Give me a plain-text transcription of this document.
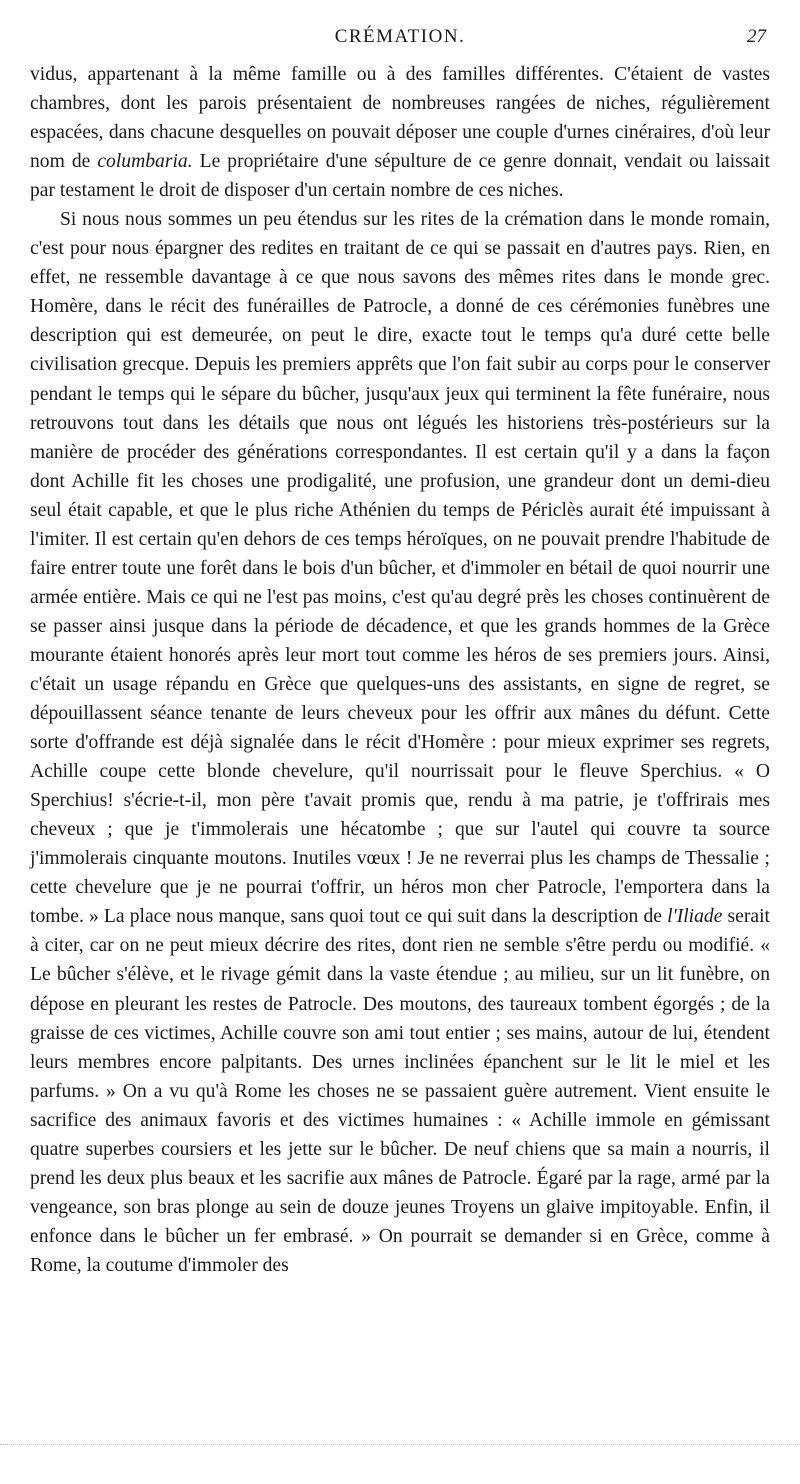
CRÉMATION.	27

vidus, appartenant à la même famille ou à des familles différentes. C'étaient de vastes chambres, dont les parois présentaient de nombreuses rangées de niches, régulièrement espacées, dans chacune desquelles on pouvait déposer une couple d'urnes cinéraires, d'où leur nom de columbaria. Le propriétaire d'une sépulture de ce genre donnait, vendait ou laissait par testament le droit de disposer d'un certain nombre de ces niches.

Si nous nous sommes un peu étendus sur les rites de la crémation dans le monde romain, c'est pour nous épargner des redites en traitant de ce qui se passait en d'autres pays. Rien, en effet, ne ressemble davantage à ce que nous savons des mêmes rites dans le monde grec. Homère, dans le récit des funérailles de Patrocle, a donné de ces cérémonies funèbres une description qui est demeurée, on peut le dire, exacte tout le temps qu'a duré cette belle civilisation grecque. Depuis les premiers apprêts que l'on fait subir au corps pour le conserver pendant le temps qui le sépare du bûcher, jusqu'aux jeux qui terminent la fête funéraire, nous retrouvons tout dans les détails que nous ont légués les historiens très-postérieurs sur la manière de procéder des générations correspondantes. Il est certain qu'il y a dans la façon dont Achille fit les choses une prodigalité, une profusion, une grandeur dont un demi-dieu seul était capable, et que le plus riche Athénien du temps de Périclès aurait été impuissant à l'imiter. Il est certain qu'en dehors de ces temps héroïques, on ne pouvait prendre l'habitude de faire entrer toute une forêt dans le bois d'un bûcher, et d'immoler en bétail de quoi nourrir une armée entière. Mais ce qui ne l'est pas moins, c'est qu'au degré près les choses continuèrent de se passer ainsi jusque dans la période de décadence, et que les grands hommes de la Grèce mourante étaient honorés après leur mort tout comme les héros de ses premiers jours. Ainsi, c'était un usage répandu en Grèce que quelques-uns des assistants, en signe de regret, se dépouillassent séance tenante de leurs cheveux pour les offrir aux mânes du défunt. Cette sorte d'offrande est déjà signalée dans le récit d'Homère : pour mieux exprimer ses regrets, Achille coupe cette blonde chevelure, qu'il nourrissait pour le fleuve Sperchius. « O Sperchius! s'écrie-t-il, mon père t'avait promis que, rendu à ma patrie, je t'offrirais mes cheveux ; que je t'immolerais une hécatombe ; que sur l'autel qui couvre ta source j'immolerais cinquante moutons. Inutiles vœux ! Je ne reverrai plus les champs de Thessalie ; cette chevelure que je ne pourrai t'offrir, un héros mon cher Patrocle, l'emportera dans la tombe. » La place nous manque, sans quoi tout ce qui suit dans la description de l'Iliade serait à citer, car on ne peut mieux décrire des rites, dont rien ne semble s'être perdu ou modifié. « Le bûcher s'élève, et le rivage gémit dans la vaste étendue ; au milieu, sur un lit funèbre, on dépose en pleurant les restes de Patrocle. Des moutons, des taureaux tombent égorgés ; de la graisse de ces victimes, Achille couvre son ami tout entier ; ses mains, autour de lui, étendent leurs membres encore palpitants. Des urnes inclinées épanchent sur le lit le miel et les parfums. » On a vu qu'à Rome les choses ne se passaient guère autrement. Vient ensuite le sacrifice des animaux favoris et des victimes humaines : « Achille immole en gémissant quatre superbes coursiers et les jette sur le bûcher. De neuf chiens que sa main a nourris, il prend les deux plus beaux et les sacrifie aux mânes de Patrocle. Égaré par la rage, armé par la vengeance, son bras plonge au sein de douze jeunes Troyens un glaive impitoyable. Enfin, il enfonce dans le bûcher un fer embrasé. » On pourrait se demander si en Grèce, comme à Rome, la coutume d'immoler des
